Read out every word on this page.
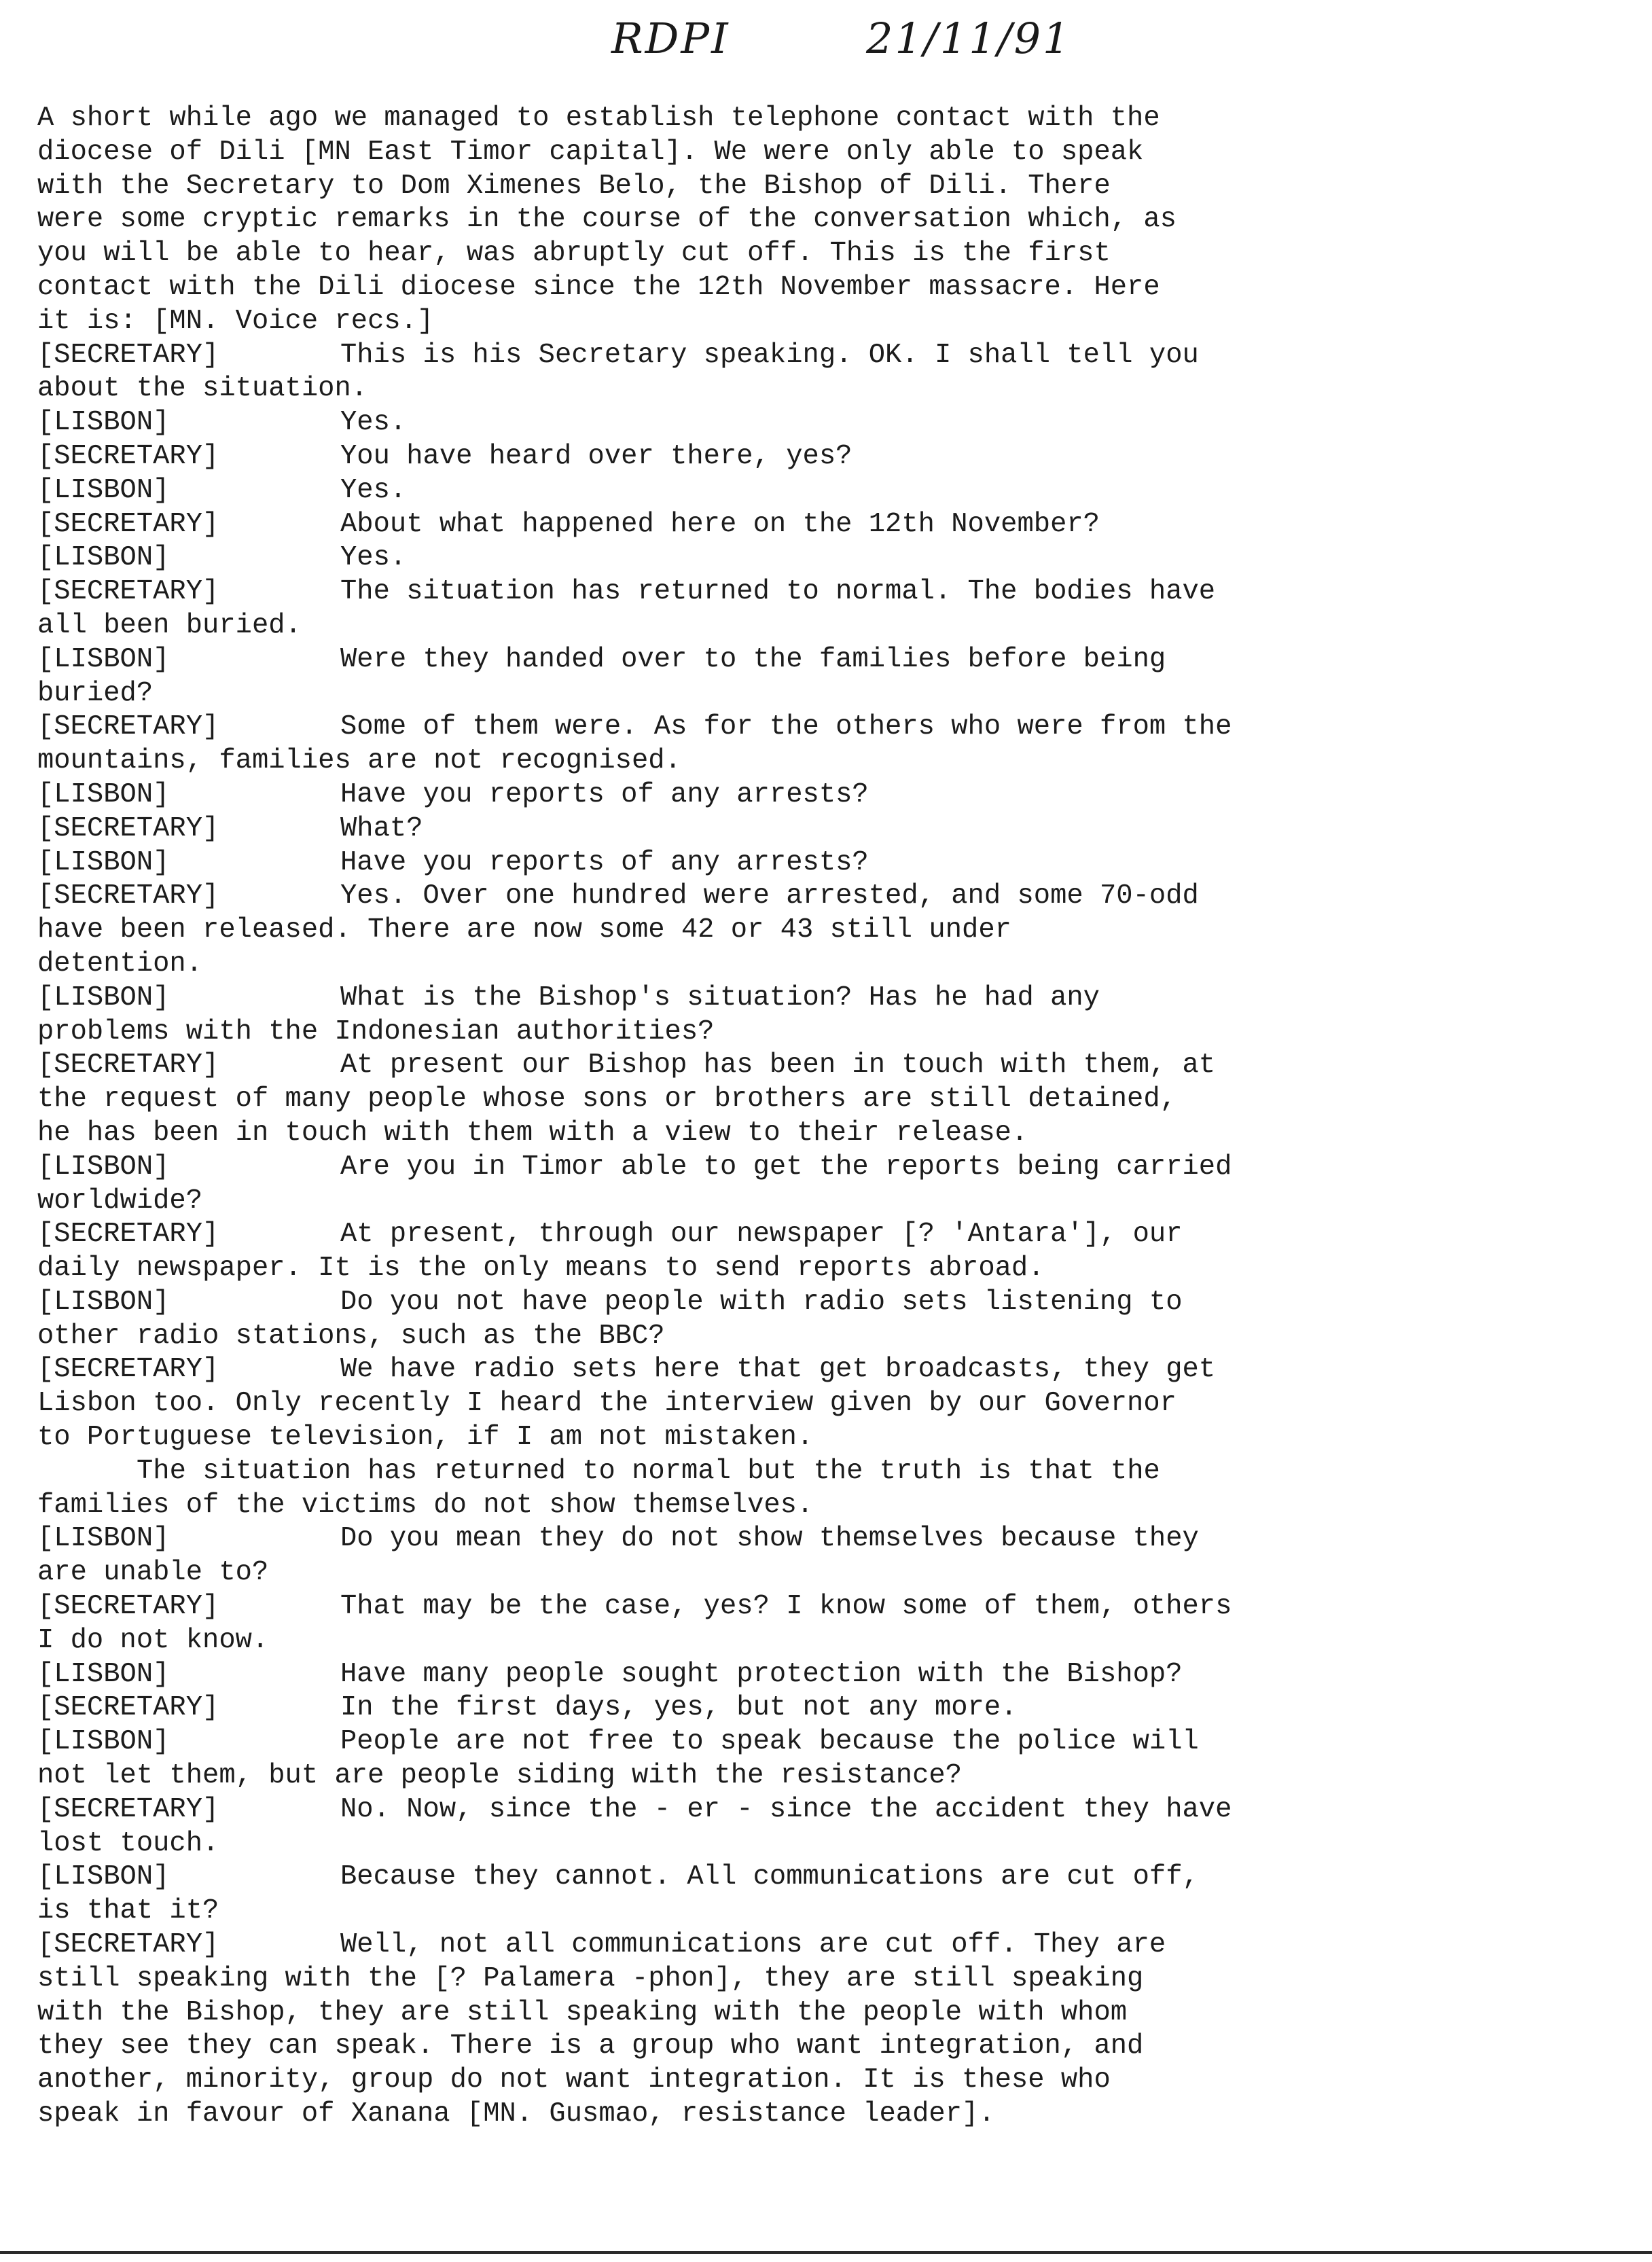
RDPI	21/11/91
A short while ago we managed to establish telephone contact with the
diocese of Dili [MN East Timor capital]. We were only able to speak
with the Secretary to Dom Ximenes Belo, the Bishop of Dili. There
were some cryptic remarks in the course of the conversation which, as
you will be able to hear, was abruptly cut off. This is the first
contact with the Dili diocese since the 12th November massacre. Here
it is: [MN. Voice recs.]
[SECRETARY]	This is his Secretary speaking. OK. I shall tell you
about the situation.
[LISBON]	Yes.
[SECRETARY]	You have heard over there, yes?
[LISBON]	Yes.
[SECRETARY]	About what happened here on the 12th November?
[LISBON]	Yes.
[SECRETARY]	The situation has returned to normal. The bodies have
all been buried.
[LISBON]	Were they handed over to the families before being
buried?
[SECRETARY]	Some of them were. As for the others who were from the
mountains, families are not recognised.
[LISBON]	Have you reports of any arrests?
[SECRETARY]	What?
[LISBON]	Have you reports of any arrests?
[SECRETARY]	Yes. Over one hundred were arrested, and some 70-odd
have been released. There are now some 42 or 43 still under
detention.
[LISBON]	What is the Bishop's situation? Has he had any
problems with the Indonesian authorities?
[SECRETARY]	At present our Bishop has been in touch with them, at
the request of many people whose sons or brothers are still detained,
he has been in touch with them with a view to their release.
[LISBON]	Are you in Timor able to get the reports being carried
worldwide?
[SECRETARY]	At present, through our newspaper [? 'Antara'], our
daily newspaper. It is the only means to send reports abroad.
[LISBON]	Do you not have people with radio sets listening to
other radio stations, such as the BBC?
[SECRETARY]	We have radio sets here that get broadcasts, they get
Lisbon too. Only recently I heard the interview given by our Governor
to Portuguese television, if I am not mistaken.
The situation has returned to normal but the truth is that the
families of the victims do not show themselves.
[LISBON]	Do you mean they do not show themselves because they
are unable to?
[SECRETARY]	That may be the case, yes? I know some of them, others
I do not know.
[LISBON]	Have many people sought protection with the Bishop?
[SECRETARY]	In the first days, yes, but not any more.
[LISBON]	People are not free to speak because the police will
not let them, but are people siding with the resistance?
[SECRETARY]	No. Now, since the - er - since the accident they have
lost touch.
[LISBON]	Because they cannot. All communications are cut off,
is that it?
[SECRETARY]	Well, not all communications are cut off. They are
still speaking with the [? Palamera -phon], they are still speaking
with the Bishop, they are still speaking with the people with whom
they see they can speak. There is a group who want integration, and
another, minority, group do not want integration. It is these who
speak in favour of Xanana [MN. Gusmao, resistance leader].
